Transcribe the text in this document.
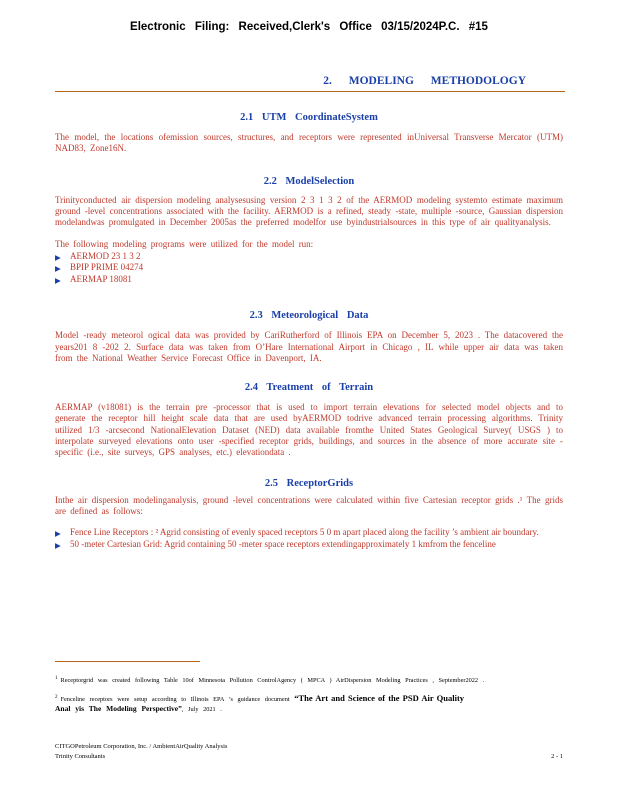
Electronic Filing: Received,Clerk's Office 03/15/2024P.C. #15
2. MODELING METHODOLOGY
2.1 UTM CoordinateSystem

The model, the locations ofemission sources, structures, and receptors were represented inUniversal Transverse Mercator (UTM) NAD83, Zone16N.

2.2 ModelSelection

Trinityconducted air dispersion modeling analysesusing version 2 3 1 3 2 of the AERMOD modeling systemto estimate maximum ground -level concentrations associated with the facility. AERMOD is a refined, steady -state, multiple -source, Gaussian dispersion modelandwas promulgated in December 2005as the preferred modelfor use byindustrialsources in this type of air qualityanalysis.

The following modeling programs were utilized for the model run:

▶ AERMOD 23 1 3 2
▶ BPIP PRIME 04274
▶ AERMAP 18081
2.3 Meteorological Data

Model -ready meteorol ogical data was provided by CariRutherford of Illinois EPA on December 5, 2023 . The datacovered the years201 8 -202 2. Surface data was taken from O’Hare International Airport in Chicago , IL while upper air data was taken from the National Weather Service Forecast Office in Davenport, IA.

2.4 Treatment of Terrain

AERMAP (v18081) is the terrain pre -processor that is used to import terrain elevations for selected model objects and to generate the receptor hill height scale data that are used byAERMOD todrive advanced terrain processing algorithms. Trinity utilized 1/3 -arcsecond NationalElevation Dataset (NED) data available fromthe United States Geological Survey( USGS ) to interpolate surveyed elevations onto user -specified receptor grids, buildings, and sources in the absence of more accurate site -specific (i.e., site surveys, GPS analyses, etc.) elevationdata .

2.5 ReceptorGrids

Inthe air dispersion modelinganalysis, ground -level concentrations were calculated within five Cartesian receptor grids .¹ The grids are defined as follows:

▶ Fence Line Receptors : ² Agrid consisting of evenly spaced receptors 5 0 m apart placed along the facility ’s ambient air boundary.
▶ 50 -meter Cartesian Grid: Agrid containing 50 -meter space receptors extendingapproximately 1 kmfrom the fenceline

$^1$ Receptorgrid was created following Table 10of Minnesota Pollution ControlAgency ( MPCA ) AirDispersion Modeling Practices , September2022 .

$^2$ Fenceline receptors were setup according to Illinois EPA ’s guidance document “The Art and Science of the PSD Air Quality
Anal yis The Modeling Perspective”, July 2021 .

CITGOPetroleum Corporation, Inc. / AmbientAirQuality Analysis
Trinity Consultants	2 - 1
